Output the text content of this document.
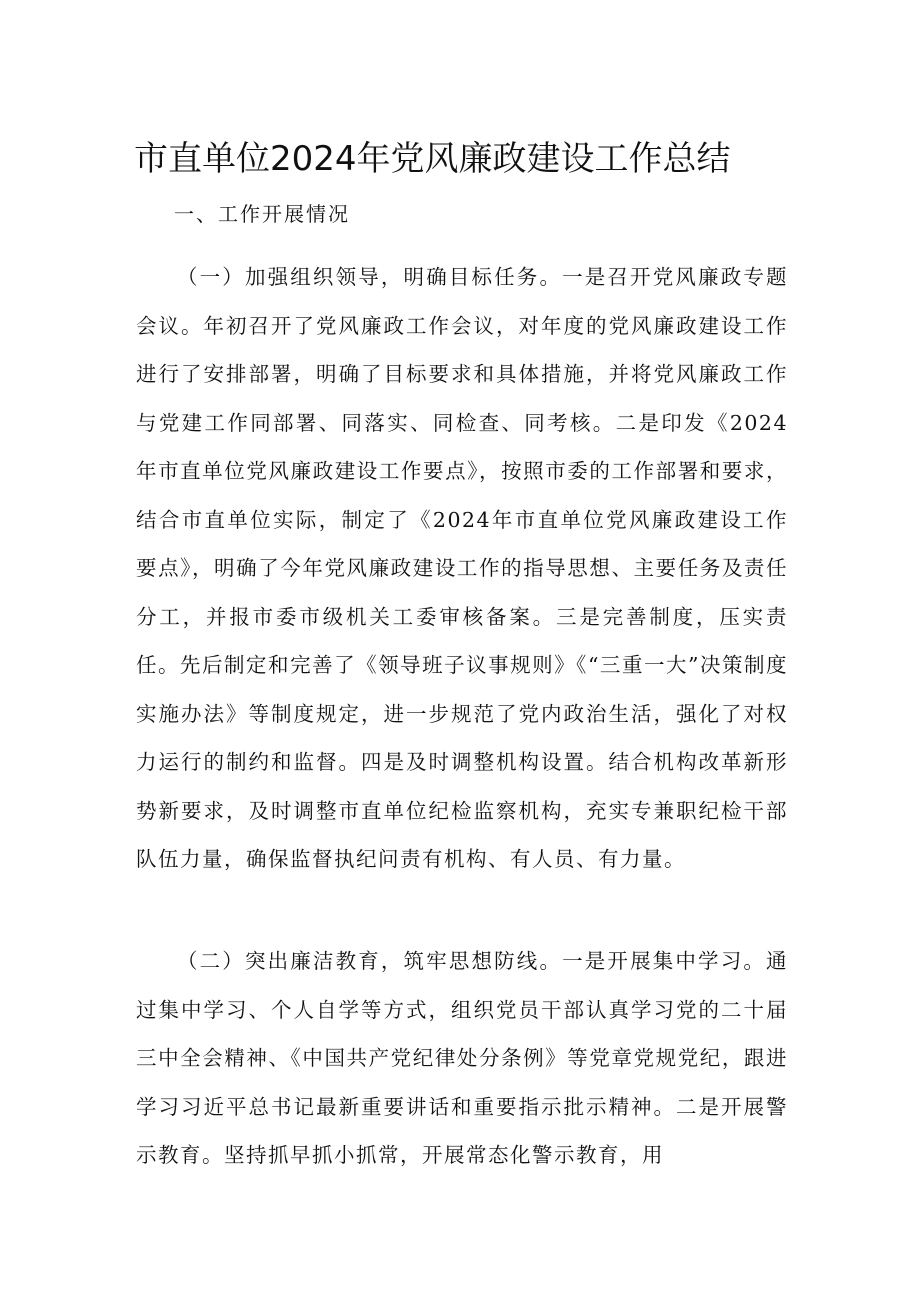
市直单位2024年党风廉政建设工作总结
一、工作开展情况

（一）加强组织领导，明确目标任务。一是召开党风廉政专题会议。年初召开了党风廉政工作会议，对年度的党风廉政建设工作进行了安排部署，明确了目标要求和具体措施，并将党风廉政工作与党建工作同部署、同落实、同检查、同考核。二是印发《2024年市直单位党风廉政建设工作要点》，按照市委的工作部署和要求，结合市直单位实际，制定了《2024年市直单位党风廉政建设工作要点》，明确了今年党风廉政建设工作的指导思想、主要任务及责任分工，并报市委市级机关工委审核备案。三是完善制度，压实责任。先后制定和完善了《领导班子议事规则》《“三重一大”决策制度实施办法》等制度规定，进一步规范了党内政治生活，强化了对权力运行的制约和监督。四是及时调整机构设置。结合机构改革新形势新要求，及时调整市直单位纪检监察机构，充实专兼职纪检干部队伍力量，确保监督执纪问责有机构、有人员、有力量。

（二）突出廉洁教育，筑牢思想防线。一是开展集中学习。通过集中学习、个人自学等方式，组织党员干部认真学习党的二十届三中全会精神、《中国共产党纪律处分条例》等党章党规党纪，跟进学习习近平总书记最新重要讲话和重要指示批示精神。二是开展警示教育。坚持抓早抓小抓常，开展常态化警示教育，用
